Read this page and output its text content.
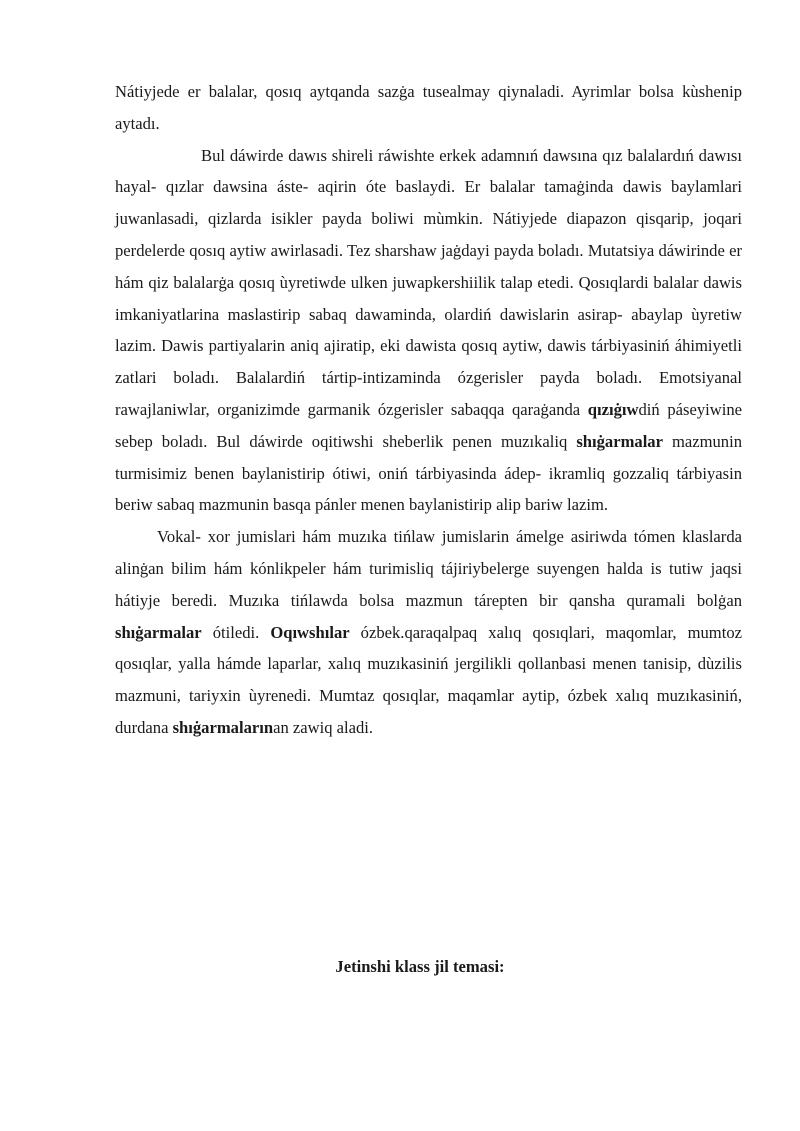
Nátiyjede er balalar, qosıq aytqanda sazġa tusealmay qiynaladi. Ayrimlar bolsa kùshenip aytadı.

Bul dáwirde dawıs shireli ráwishte erkek adamnıń dawsına qız balalardıń dawısı hayal- qızlar dawsina áste- aqirin óte baslaydi. Er balalar tamaġinda dawis baylamlari juwanlasadi, qizlarda isikler payda boliwi mùmkin. Nátiyjede diapazon qisqarip, joqari perdelerde qosıq aytiw awirlasadi. Tez sharshaw jaġdayi payda boladı. Mutatsiya dáwirinde er hám qiz balalarġa qosıq ùyretiwde ulken juwapkershiilik talap etedi. Qosıqlardi balalar dawis imkaniyatlarina maslastirip sabaq dawaminda, olardiń dawislarin asirap- abaylap ùyretiw lazim. Dawis partiyalarin aniq ajiratip, eki dawista qosıq aytiw, dawis tárbiyasiniń áhimiyetli zatlari boladı. Balalardiń tártip-intizaminda ózgerisler payda boladı. Emotsiyanal rawajlaniwlar, organizimde garmanik ózgerisler sabaqqa qaraġanda qızıġıwdiń páseyiwine sebep boladı. Bul dáwirde oqitiwshi sheberlik penen muzıkaliq shıġarmalar mazmunin turmisimiz benen baylanistirip ótiwi, oniń tárbiyasinda ádep- ikramliq gozzaliq tárbiyasin beriw sabaq mazmunin basqa pánler menen baylanistirip alip bariw lazim.

Vokal- xor jumislari hám muzıka tińlaw jumislarin ámelge asiriwda tómen klaslarda alinġan bilim hám kónlikpeler hám turimisliq tájiriybelerge suyengen halda is tutiw jaqsi hátiyje beredi. Muzıka tińlawda bolsa mazmun tárepten bir qansha quramali bolġan shıġarmalar ótiledi. Oqıwshılar ózbek.qaraqalpaq xalıq qosıqlari, maqomlar, mumtoz qosıqlar, yalla hámde laparlar, xalıq muzıkasiniń jergilikli qollanbasi menen tanisip, dùzilis mazmuni, tariyxin ùyrenedi. Mumtaz qosıqlar, maqamlar aytip, ózbek xalıq muzıkasiniń, durdana shıġarmalarınan zawiq aladi.

Jetinshi klass jil temasi:
